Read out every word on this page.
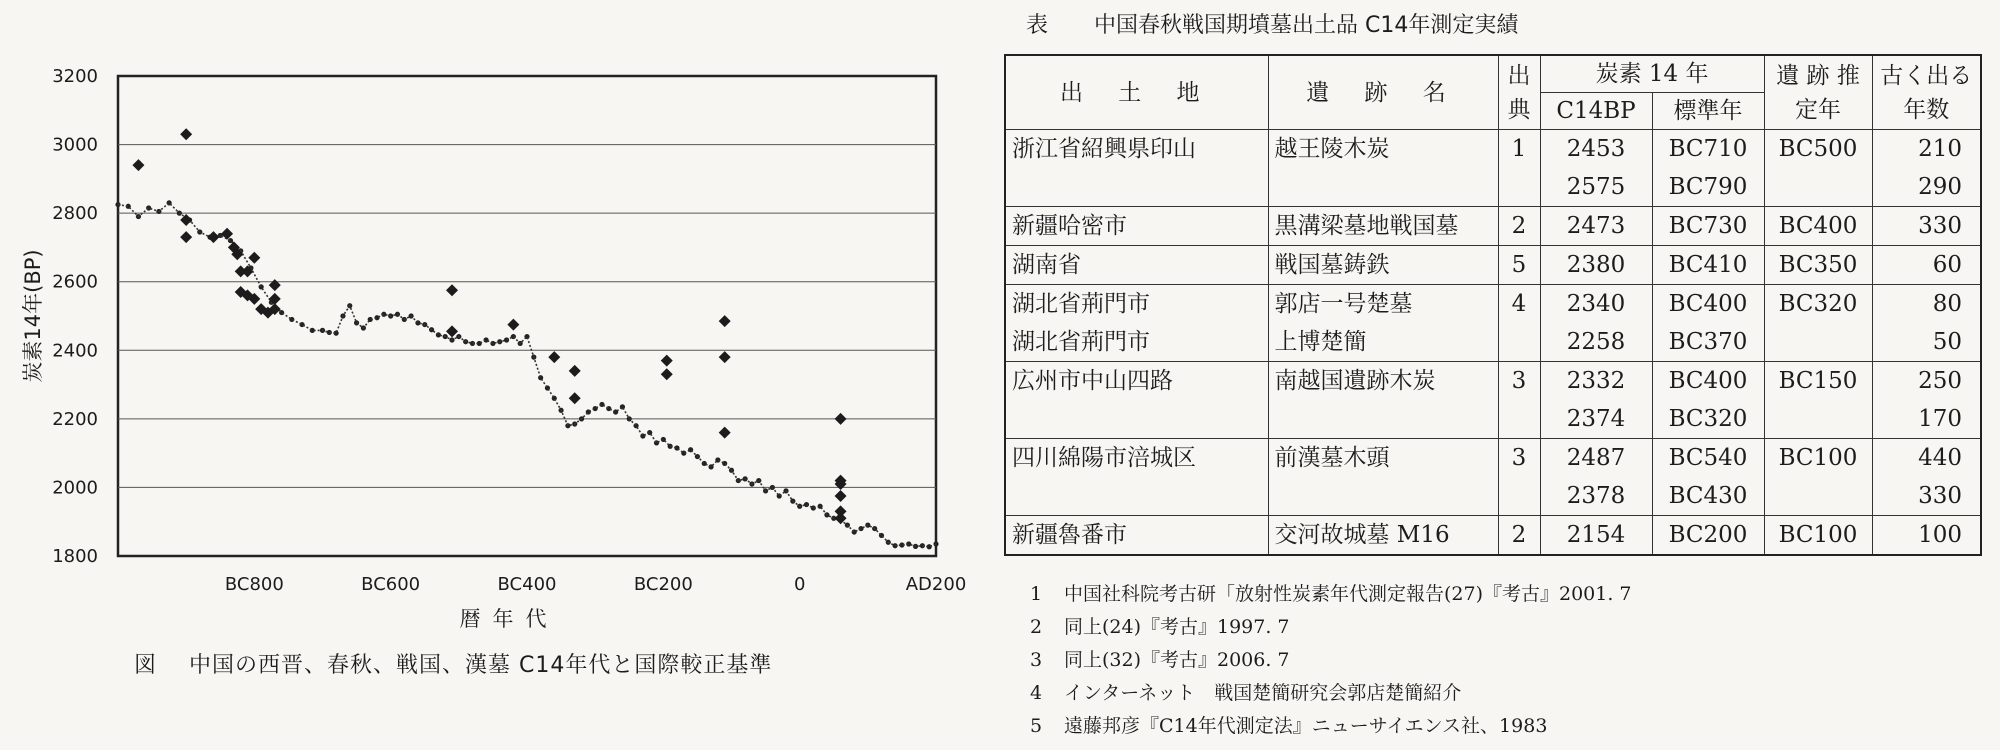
1800
2000
2200
2400
2600
2800
3000
3200
BC800	BC600	BC400	BC200	0	AD200
暦年代
炭素14年(BP)
図 中国の西晋、春秋、戦国、漢墓 C14年代と国際較正基準
表 中国春秋戦国期墳墓出土品 C14年測定実績
出 土 地	遺 跡 名	出典	炭素 14 年		遺 跡 推定年	古く出る年数
			C14BP	標準年		
浙江省紹興県印山	越王陵木炭	1	2453	BC710	BC500	210
			2575	BC790		290
新疆哈密市	黒溝梁墓地戦国墓	2	2473	BC730	BC400	330
湖南省	戦国墓鋳鉄	5	2380	BC410	BC350	60
湖北省荊門市	郭店一号楚墓	4	2340	BC400	BC320	80
湖北省荊門市	上博楚簡		2258	BC370		50
広州市中山四路	南越国遺跡木炭	3	2332	BC400	BC150	250
			2374	BC320		170
四川綿陽市涪城区	前漢墓木頭	3	2487	BC540	BC100	440
			2378	BC430		330
新疆魯番市	交河故城墓 M16	2	2154	BC200	BC100	100
1 中国社科院考古研「放射性炭素年代測定報告(27)『考古』2001. 7
2 同上(24)『考古』1997. 7
3 同上(32)『考古』2006. 7
4 インターネット　戦国楚簡研究会郭店楚簡紹介
5 遠藤邦彦『C14年代測定法』ニューサイエンス社、1983
